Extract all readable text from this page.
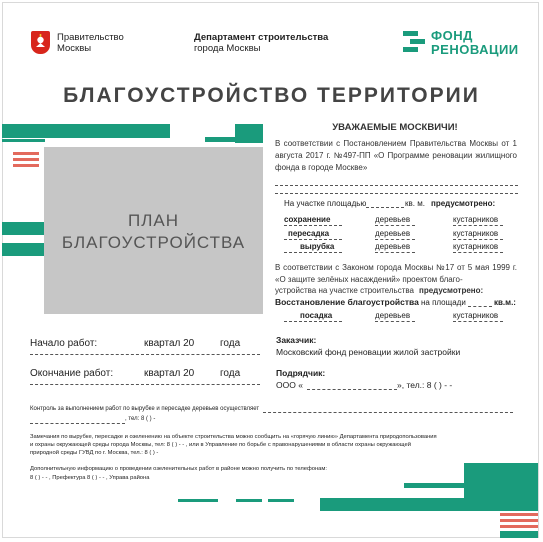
Правительство
Москвы
Департамент строительства
города Москвы
ФОНД
РЕНОВАЦИИ
БЛАГОУСТРОЙСТВО ТЕРРИТОРИИ
ПЛАН
БЛАГОУСТРОЙСТВА
УВАЖАЕМЫЕ МОСКВИЧИ!
В соответствии с Постановлением Правительства Москвы от 1 августа 2017 г. №497-ПП «О Программе реновации жилищного фонда в городе Москве»
На участке площадью	кв. м. предусмотрено:
сохранение	деревьев	кустарников
пересадка	деревьев	кустарников
вырубка	деревьев	кустарников
В соответствии с Законом города Москвы №17 от 5 мая 1999 г. «О защите зелёных насаждений» проектом благо-
устройства на участке строительства предусмотрено:
Восстановление благоустройства на площади	кв.м.:
посадка	деревьев	кустарников
Начало работ:	квартал 20	года
Окончание работ:	квартал 20	года
Заказчик:
Московский фонд реновации жилой застройки
Подрядчик:
ООО «	», тел.: 8 ( ) - -
Контроль за выполнением работ по вырубке и пересадке деревьев осуществляет
, тел: 8 ( ) -
Замечания по вырубке, пересадке и озеленению на объекте строительства можно сообщить на «горячую линию» Департамента природопользования
и охраны окружающей среды города Москвы, тел: 8 ( ) - - , или в Управление по борьбе с правонарушениями в области охраны окружающей
природной среды ГУВД по г. Москва, тел.: 8 ( ) -
Дополнительную информацию о проведении озеленительных работ в районе можно получить по телефонам:
8 ( ) - - , Префектура 8 ( ) - - , Управа района
